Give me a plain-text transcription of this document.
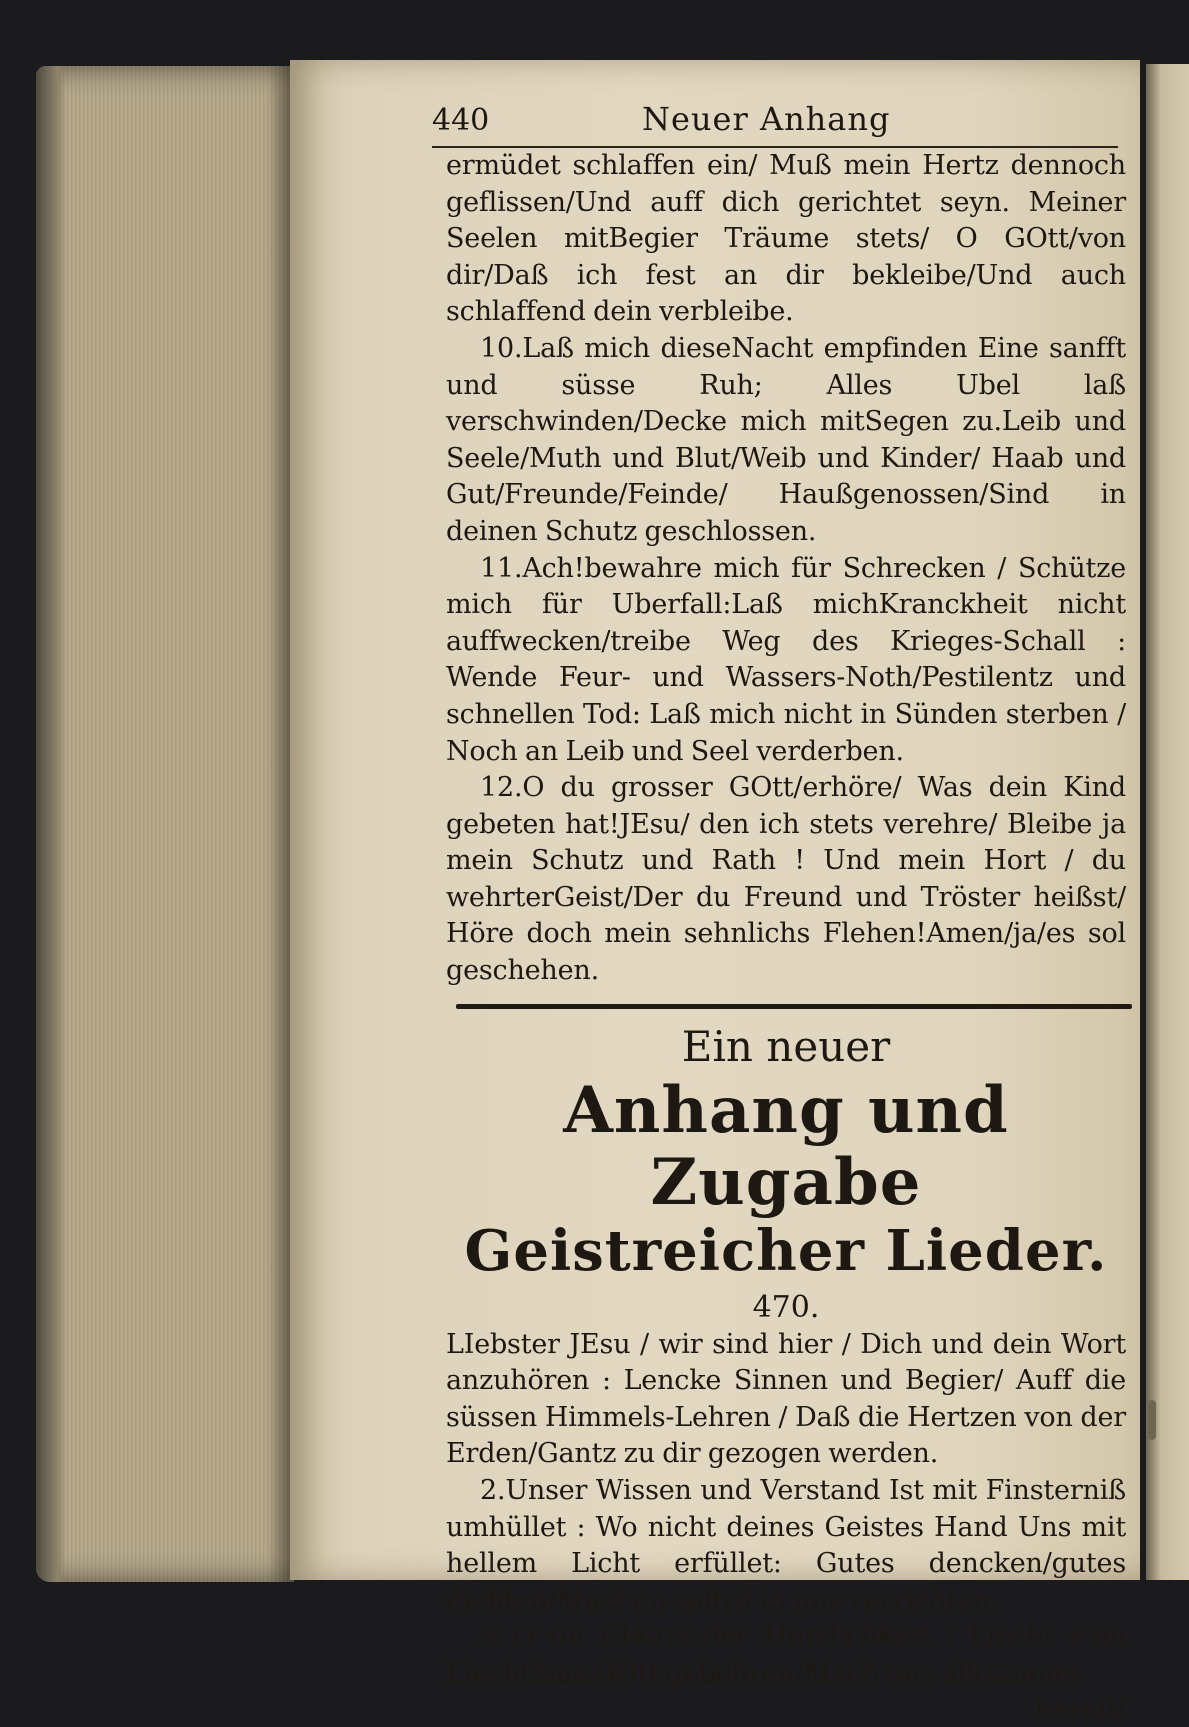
440	Neuer Anhang

ermüdet schlaffen ein/ Muß mein Hertz dennoch geflissen/Und auff dich gerichtet seyn. Meiner Seelen mitBegier Träume stets/ O GOtt/von dir/Daß ich fest an dir bekleibe/Und auch schlaffend dein verbleibe.

10.Laß mich dieseNacht empfinden Eine sanfft und süsse Ruh; Alles Ubel laß verschwinden/Decke mich mitSegen zu.Leib und Seele/Muth und Blut/Weib und Kinder/ Haab und Gut/Freunde/Feinde/ Haußgenossen/Sind in deinen Schutz geschlossen.

11.Ach!bewahre mich für Schrecken / Schütze mich für Uberfall:Laß michKranckheit nicht auffwecken/treibe Weg des Krieges-Schall : Wende Feur- und Wassers-Noth/Pestilentz und schnellen Tod: Laß mich nicht in Sünden sterben / Noch an Leib und Seel verderben.

12.O du grosser GOtt/erhöre/ Was dein Kind gebeten hat!JEsu/ den ich stets verehre/ Bleibe ja mein Schutz und Rath ! Und mein Hort / du wehrterGeist/Der du Freund und Tröster heißst/ Höre doch mein sehnlichs Flehen!Amen/ja/es sol geschehen.

Ein neuer
Anhang und Zugabe
Geistreicher Lieder.
470.

LIebster JEsu / wir sind hier / Dich und dein Wort anzuhören : Lencke Sinnen und Begier/ Auff die süssen Himmels-Lehren / Daß die Hertzen von der Erden/Gantz zu dir gezogen werden.

2.Unser Wissen und Verstand Ist mit Finsterniß umhüllet : Wo nicht deines Geistes Hand Uns mit hellem Licht erfüllet: Gutes dencken/gutes dichten/Must du selbst in uns verrichten.

3 O du Glantz der Herrlichkeit / Liecht vom Liecht/aus GOtt gebohren/Mach uns allesammt

bereit/
